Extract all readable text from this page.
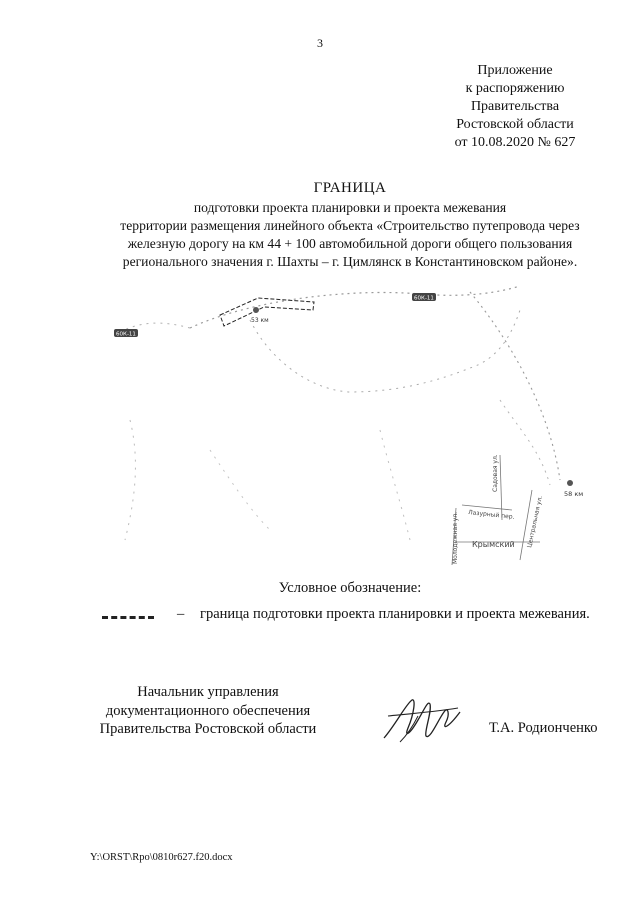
3
Приложение
к распоряжению
Правительства
Ростовской области
от 10.08.2020 № 627
ГРАНИЦА
подготовки проекта планировки и проекта межевания
территории размещения линейного объекта «Строительство путепровода через
железную дорогу на км 44 + 100 автомобильной дороги общего пользования
регионального значения г. Шахты – г. Цимлянск в Константиновском районе».
60К-11
60К-11
53 км
58 км
Садовая ул.
Лазурный пер.
Молодежная ул.	Центральная ул.
Крымский
Условное обозначение:
– граница подготовки проекта планировки и проекта межевания.
Начальник управления
документационного обеспечения
Правительства Ростовской области	Т.А. Родионченко
Y:\ORST\Rpo\0810r627.f20.docx
